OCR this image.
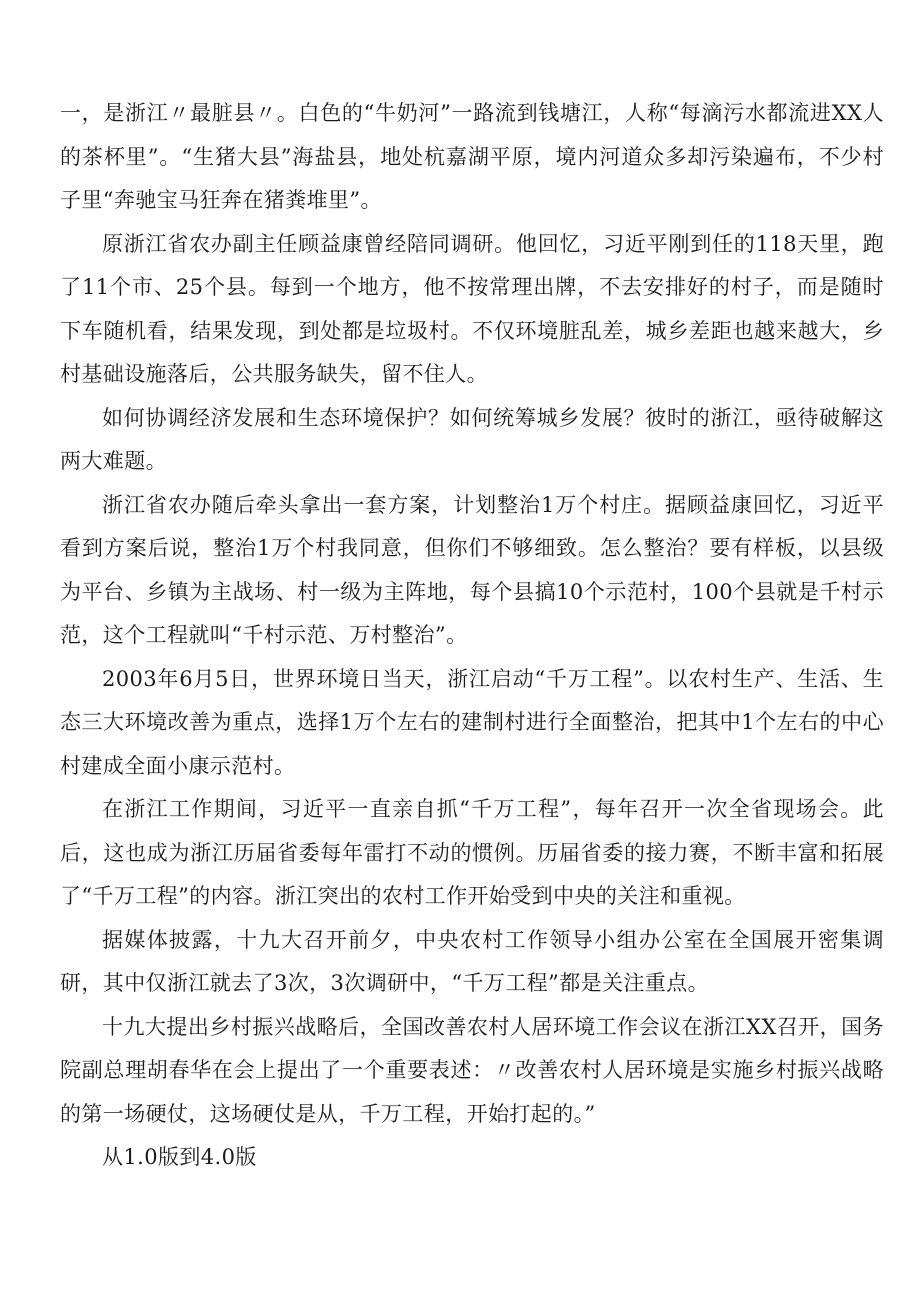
一，是浙江〃最脏县〃。白色的“牛奶河”一路流到钱塘江，人称“每滴污水都流进XX人的茶杯里”。“生猪大县”海盐县，地处杭嘉湖平原，境内河道众多却污染遍布，不少村子里“奔驰宝马狂奔在猪粪堆里”。

原浙江省农办副主任顾益康曾经陪同调研。他回忆，习近平刚到任的118天里，跑了11个市、25个县。每到一个地方，他不按常理出牌，不去安排好的村子，而是随时下车随机看，结果发现，到处都是垃圾村。不仅环境脏乱差，城乡差距也越来越大，乡村基础设施落后，公共服务缺失，留不住人。

如何协调经济发展和生态环境保护？如何统筹城乡发展？彼时的浙江，亟待破解这两大难题。

浙江省农办随后牵头拿出一套方案，计划整治1万个村庄。据顾益康回忆，习近平看到方案后说，整治1万个村我同意，但你们不够细致。怎么整治？要有样板，以县级为平台、乡镇为主战场、村一级为主阵地，每个县搞10个示范村，100个县就是千村示范，这个工程就叫“千村示范、万村整治”。

2003年6月5日，世界环境日当天，浙江启动“千万工程”。以农村生产、生活、生态三大环境改善为重点，选择1万个左右的建制村进行全面整治，把其中1个左右的中心村建成全面小康示范村。

在浙江工作期间，习近平一直亲自抓“千万工程”，每年召开一次全省现场会。此后，这也成为浙江历届省委每年雷打不动的惯例。历届省委的接力赛，不断丰富和拓展了“千万工程”的内容。浙江突出的农村工作开始受到中央的关注和重视。

据媒体披露，十九大召开前夕，中央农村工作领导小组办公室在全国展开密集调研，其中仅浙江就去了3次，3次调研中，“千万工程”都是关注重点。

十九大提出乡村振兴战略后，全国改善农村人居环境工作会议在浙江XX召开，国务院副总理胡春华在会上提出了一个重要表述：〃改善农村人居环境是实施乡村振兴战略的第一场硬仗，这场硬仗是从，千万工程，开始打起的。”

从1.0版到4.0版
